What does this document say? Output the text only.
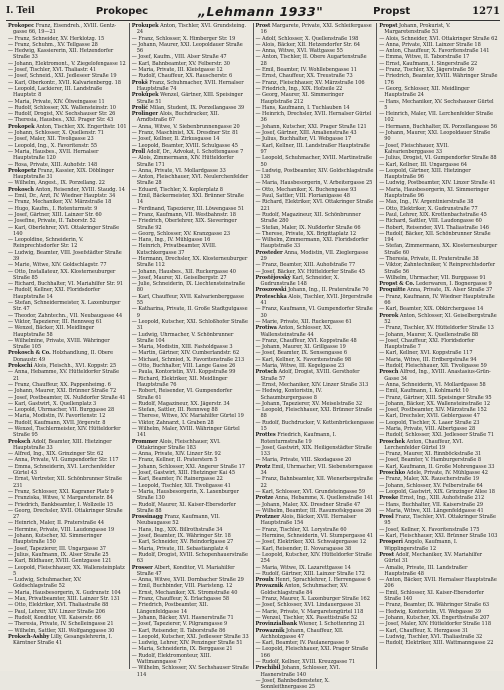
I. Teil	Prokopec	„Lehmann 1933"	Propst	1271
Prokopec Franz, Eisendreh., XVIII. Gentz-gasse 66, 19—21
— Franz, Schneider, XV. Herklotzg. 15
— Franz, Schuhm., XV. Tellgasse 28
— Hedwig, Kassiererin, XII. Hetzendorfer Straße 33
— Johann, Elektromont., V. Ziegelofengasse 12
— Josef, Tischler, XVI. Thaliastr. 41
— Josef, Schneid., XXI. Jedleseer Straße 19
— Karl, Oberkontr., XVII. Kalvarienbergg. 18
— Leopold, Lackierer, III. Landstraße Hauptstr. 8
— Maria, Private, XIV. Ölweingasse 11
— Rudolf, Schlosser, XX. Wallensteinstr. 10
— Rudolf, Drogist, XV. Sechshauser Str. 26
— Theresia, Hausbes., XXI. Prager Str. 43
Prokopek Anton, Tischler, XX. Engerthstr. 101
— Johann, Schlosser, X. Quellenstr. 71
— Josef, Maler, XII. Tivoligasse 23
— Leopold, Ing., X. Favoritenstr. 55
— Maria, Hausbes., XVII. Hernalser Hauptstraße 120
— Rosa, Private, XIII. Auhofstr. 148
Prokopetz Franz, Kassier, XIX. Döblinger Hauptstraße 31
— Wilhelm, Angest., IX. Porzellang. 22
Prokosch Anton, Reisender, XVIII. Staudg. 14
— Emil, Dr., Arzt, IV. Wiedner Hauptstr. 34
— Franz, Mechaniker, XV. Märzstraße 18
— Hugo, Kaufm., I. Rotenturmstr. 9
— Josef, Gärtner, XIII. Lainzer Str. 60
— Josefine, Private, II. Taborstr. 52
— Karl, Oberlehrer, XVI. Ottakringer Straße 140
— Leopoldine, Schneiderin, V. Reinprechtsdorfer Str. 12
— Ludwig, Beamter, VIII. Josefstädter Straße 39
— Marie, Witwe, XIV. Goldschlagstr. 77
— Otto, Installateur, XX. Klosterneuburger Straße 85
— Richard, Buchhalter, VI. Mariahilfer Str. 91
— Rudolf, Kellner, XXI. Floridsdorfer Hauptstraße 14
— Stefan, Schneidermeister, X. Laxenburger Str. 47
— Theodor, Zahntechn., VII. Neubaugasse 44
— Viktor, Tapezierer, III. Rennweg 61
— Wenzel, Bäcker, XII. Meidlinger Hauptstraße 58
— Wilhelmine, Private, XVIII. Währinger Straße 105
Prokosch & Co. Holzhandlung, II. Obere Donaustr. 49
Prokschi Alois, Fleischh., XVI. Koppstr. 25
— Anna, Hebamme, XV. Hütteldorfer Straße 21
— Franz, Chauffeur, XX. Pappenheimg. 6
— Johann, Maurer, XXI. Brünner Straße 72
— Josef, Postbeamter, IX. Nußdorfer Straße 41
— Karl, Gastwirt, X. Quellenplatz 3
— Leopold, Uhrmacher, VII. Burggasse 28
— Maria, Modistin, IV. Favoritenstr. 12
— Rudolf, Kaufmann, XVII. Jörgerstr. 8
— Wenzel, Tischlermeister, XIV. Hütteldorfer Straße 95
Proksch Adolf, Beamter, XIII. Hietzinger Hauptstraße 33
— Alfred, Ing., XIX. Grinzinger Str. 62
— Anna, Private, VI. Gumpendorfer Str. 117
— Emma, Schneiderin, XVI. Lerchenfelder Gürtel 43
— Ernst, Vertreter, XII. Schönbrunner Straße 231
— Franz, Schlosser, XXI. Kagraner Platz 9
— Franziska, Witwe, V. Margaretenstr. 84
— Friedrich, Bankbeamter, I. Wollzeile 15
— Georg, Drechsler, XVII. Ottakringer Straße 27
— Heinrich, Maler, II. Praterstraße 44
— Hermine, Private, VIII. Laudongasse 19
— Johann, Kutscher, XI. Simmeringer Hauptstraße 150
— Josef, Tapezierer, III. Ungargasse 37
— Julius, Kaufmann, IX. Alser Straße 25
— Karl, Bildhauer, XVIII. Gentzgasse 121
— Leopold, Fleischhauer, XX. Wallensteinplatz 5
— Ludwig, Schuhmacher, XV. Goldschlagstraße 52
— Maria, Hausbesorgerin, X. Gudrunstr. 104
— Max, Privatbeamter, XIII. Lainzer Str. 131
— Otto, Elektriker, XVI. Thaliastraße 88
— Paul, Lehrer, XIV. Linzer Straße 206
— Rudolf, Konditor, VII. Kaiserstr. 66
— Theresia, Private, IV. Schelleingasse 21
— Wilhelm, Sattler, XII. Wolfganggasse 30
Proksch-Ashby Lilly, Gesangslehrerin, I. Kärntner Straße 41
Prokupek Anton, Tischler, XVI. Grundsteing. 24
— Franz, Schlosser, X. Himberger Str. 19
— Johann, Maurer, XXI. Leopoldauer Straße 56
— Josef, Kaufm., VIII. Alser Straße 47
— Karl, Bahnbeamter, XV. Felberstr. 30
— Maria, Private, III. Kleistgasse 12
— Rudolf, Chauffeur, XX. Rauscherstr. 6
Prokš Franz, Schuhmacher, XVII. Hernalser Hauptstraße 74
Prokůpek Wenzel, Gärtner, XIII. Speisinger Straße 51
Prolić Milan, Student, IX. Porzellangasse 39
Prolinger Alois, Buchdrucker, XII. Arndtstraße 67
— Anna, Witwe, V. Siebenbrunnengasse 20
— Franz, Maschinist, XX. Dresdner Str. 81
— Josef, Kellner, II. Zirkusgasse 14
— Leopold, Beamter, XVIII. Schulgasse 45
Proll Adolf, Dr., Advokat, I. Schottengasse 7
— Alois, Zimmermann, XIV. Hütteldorfer Straße 171
— Anna, Private, VI. Mollardgasse 33
— Anton, Fleischhauer, XVI. Neulerchenfelder Straße 28
— Eduard, Tischler, X. Keplerplatz 8
— Emil, Bäckermeister, XXI. Brünner Straße 14
— Ferdinand, Tapezierer, III. Löwengasse 51
— Franz, Kaufmann, VII. Westbahnstr. 18
— Friedrich, Oberlehrer, XIX. Sieveringer Straße 92
— Georg, Schlosser, XV. Kranzgasse 23
— Hans, Ing., IV. Mühlgasse 16
— Heinrich, Privatbeamter, XVIII. Kutschkergasse 37
— Hermann, Drechsler, XX. Klosterneuburger Straße 112
— Johann, Hausbes., XII. Ruckergasse 40
— Josef, Maurer, XI. Geiselbergstr. 27
— Julie, Schneiderin, IX. Liechtensteinstraße 80
— Karl, Chauffeur, XVII. Kalvarienberggasse 55
— Katharina, Private, II. Große Stadtgutgasse 9
— Leopold, Kutscher, XXI. Schloßhofer Straße 31
— Ludwig, Uhrmacher, V. Schönbrunner Straße 104
— Maria, Modistin, XIII. Fasholdgasse 3
— Martin, Gärtner, XIV. Cumberlandstr. 62
— Michael, Schmied, X. Favoritenstraße 213
— Otto, Buchhalter, VIII. Lange Gasse 26
— Paula, Kontoristin, XVI. Koppstraße 99
— Richard, Elektriker, XII. Meidlinger Hauptstraße 76
— Robert, Reisender, VI. Gumpendorfer Straße 61
— Rudolf, Magazineur, XX. Jägerstr. 34
— Stefan, Sattler, III. Rennweg 88
— Therese, Witwe, XV. Mariahilfer Gürtel 19
— Viktor, Zahnarzt, I. Graben 28
— Wilhelm, Maler, XVIII. Währinger Gürtel 141
Prommer Alois, Fleischhauer, XVI. Ottakringer Straße 183
— Anna, Private, XIV. Linzer Str. 92
— Franz, Kellner, II. Praterstern 5
— Johann, Schlosser, XXI. Angerer Straße 17
— Josef, Gastwirt, XIII. Hietzinger Kai 45
— Karl, Beamter, IV. Rainergasse 22
— Leopold, Tischler, XII. Tivoligasse 41
— Maria, Hausbesorgerin, X. Laxenburger Straße 130
— Rudolf, Maurer, XI. Kaiser-Ebersdorfer Straße 88
Prossinagg Franz, Kaufmann, VII. Neubaugasse 52
— Hans, Ing., XIX. Billrothstraße 34
— Josef, Beamter, IX. Währinger Str. 18
— Karl, Schneider, XV. Reindorfgasse 27
— Maria, Private, III. Sebastianplatz 4
— Rudolf, Drogist, XVIII. Schopenhauerstraße 63
Prosser Albert, Konditor, VI. Mariahilfer Straße 47
— Anna, Witwe, XVII. Dornbacher Straße 29
— Emil, Buchbinder, VIII. Piaristeng. 12
— Ernst, Mechaniker, XX. Stromstraße 40
— Franz, Chauffeur, X. Erlachgasse 58
— Friedrich, Postbeamter, XII. Längenfeldgasse 14
— Johann, Bäcker, XVI. Hasnerstraße 71
— Josef, Tapezierer, V. Pilgramgasse 9
— Karl, Reisender, II. Taborstraße 86
— Leopold, Kutscher, XXI. Jedleseer Straße 33
— Ludwig, Lehrer, XIV. Penzinger Straße 51
— Maria, Schneiderin, IX. Berggasse 21
— Rudolf, Elektromonteur, XIII. Wattmanngasse 7
— Wilhelm, Schlosser, XV. Sechshauser Straße 114
Prost Margarete, Private, XXI. Schleifergasse 16
— Adolf, Schlosser, X. Quellenstraße 198
— Alois, Bäcker, XII. Hetzendorfer Str. 64
— Anna, Witwe, XVI. Wattgasse 55
— Anton, Tischler, II. Obere Augartenstraße 28
— Emil, Beamter, IV. Wohllebengasse 11
— Ernst, Chauffeur, XX. Treustraße 73
— Franz, Fleischhauer, XV. Märzstraße 106
— Friedrich, Ing., XIX. Hofzeile 22
— Georg, Maurer, XI. Simmeringer Hauptstraße 212
— Hans, Kaufmann, I. Tuchlauben 14
— Heinrich, Drechsler, XVII. Hernalser Gürtel 36
— Johann, Kutscher, XXI. Prager Straße 121
— Josef, Gärtner, XIII. Amalienstraße 43
— Julius, Buchhalter, VI. Webgasse 17
— Karl, Kellner, III. Landstraßer Hauptstraße 97
— Leopold, Schuhmacher, XVIII. Martinstraße 50
— Ludwig, Postbeamter, XIV. Goldschlagstraße 138
— Maria, Hausbesorgerin, V. Arbeitergasse 25
— Otto, Mechaniker, X. Buchengasse 93
— Paul, Sattler, VIII. Florianigasse 48
— Richard, Elektriker, XVI. Ottakringer Straße 221
— Rudolf, Magazineur, XII. Schönbrunner Straße 280
— Stefan, Maler, IX. Nußdorfer Straße 66
— Therese, Private, XX. Brigittaplatz 12
— Wilhelm, Zimmermann, XXI. Floridsdorfer Hauptstraße 33
Prosteder Anna, Modistin, VII. Zieglergasse 29
— Franz, Beamter, XIII. Auhofstraße 77
— Josef, Bäcker, XV. Hütteldorfer Straße 45
Prostějovský Karl, Schneider, X. Gudrunstraße 148
Proszowski Johann, Ing., II. Praterstraße 70
Proteschka Alois, Tischler, XVII. Jörgerstraße 41
— Franz, Kaufmann, VI. Gumpendorfer Straße 30
— Marie, Private, XII. Ruckergasse 61
Protiwa Anton, Schlosser, XX. Wallensteinstraße 44
— Franz, Chauffeur, XVI. Koppstraße 48
— Johann, Maurer, XI. Grillgasse 19
— Josef, Beamter, IX. Sensengasse 6
— Karl, Kellner, X. Favoritenstraße 98
— Maria, Witwe, III. Kegelgasse 23
Protsch Adolf, Drogist, XVIII. Gersthofer Straße 57
— Ernst, Mechaniker, XIV. Linzer Straße 313
— Hedwig, Kontoristin, IV. Schaumburgergasse 8
— Johann, Tapezierer, XV. Meiselstraße 32
— Leopold, Fleischhauer, XXI. Brünner Straße 88
— Rudolf, Buchdrucker, V. Kettenbrückengasse 15
Prottes Friedrich, Kaufmann, I. Rotenturmstraße 19
— Josef, Gastwirt, XIX. Heiligenstädter Straße 133
— Maria, Private, VIII. Skodagasse 20
Protz Emil, Uhrmacher, VII. Siebensterngasse 34
— Franz, Bahnbeamter, XII. Wienerbergstraße 22
— Karl, Schlosser, XVI. Grundsteingasse 59
Protze Anna, Hebamme, X. Quellenstraße 141
— Johann, Maler, XX. Dresdner Straße 47
— Wilhelm, Beamter, III. Rasumofskygasse 26
Protzner Alois, Bäcker, XVII. Hernalser Hauptstraße 154
— Franz, Tischler, XI. Lorystraße 60
— Hermine, Schneiderin, VI. Stumpergasse 41
— Josef, Elektriker, XXI. Schwaigergasse 12
— Karl, Reisender, II. Novaragasse 38
— Leopold, Kutscher, XIV. Hütteldorfer Straße 254
— Maria, Witwe, IX. Lazarettgasse 14
— Rudolf, Gärtner, XIII. Lainzer Straße 172
Proulx Henri, Sprachlehrer, I. Herrengasse 6
Provaznik Anton, Schuhmacher, XV. Goldschlagstraße 84
— Franz, Maurer, X. Laxenburger Straße 162
— Josef, Schlosser, XVI. Lindauergasse 31
— Marie, Private, V. Margaretengürtel 118
— Wenzel, Tischler, XX. Pasettistraße 52
Provinzialbank Wiener, I. Schottenring 21
Prowaznik Johann, Chauffeur, XII. Aichholzgasse 47
— Karl, Beamter, IV. Paulanergasse 9
— Leopold, Fleischhauer, XXI. Prager Straße 166
— Rudolf, Kellner, XVIII. Kreuzgasse 71
Prschibil Johann, Schlosser, XVI. Hasnerstraße 140
— Josef, Bahnbediensteter, X. Sonnleithnergasse 25
Propst Johann, Prokurist, V. Margaretenstraße 53
— Alois, Schneider, XVI. Ottakringer Straße 62
— Anna, Private, XIII. Lainzer Straße 18
— Anton, Chauffeur, X. Favoritenstraße 141
— Emma, Witwe, II. Taborstraße 17
— Ernst, Kaufmann, I. Singerstraße 22
— Franz, Tischler, XX. Jägerstraße 59
— Friedrich, Beamter, XVIII. Währinger Straße 176
— Georg, Schlosser, XII. Meidlinger Hauptstraße 24
— Hans, Mechaniker, XV. Sechshauser Gürtel 5
— Heinrich, Maler, VII. Lerchenfelder Straße 102
— Hermann, Buchhalter, IX. Porzellangasse 56
— Johann, Maurer, XXI. Leopoldauer Straße 90
— Josef, Fleischhauer, XVII. Kalvarienberggasse 33
— Julius, Drogist, VI. Gumpendorfer Straße 88
— Karl, Kellner, III. Ungargasse 64
— Leopold, Gärtner, XIII. Hietzinger Hauptstraße 96
— Ludwig, Postbeamter, XIV. Linzer Straße 41
— Maria, Hausbesorgerin, XI. Simmeringer Hauptstraße 96
— Max, Ing., IV. Argentinierstraße 38
— Otto, Elektriker, X. Gudrunstraße 77
— Paul, Lehrer, XIX. Krottenbachstraße 45
— Richard, Sattler, VIII. Laudongasse 60
— Robert, Reisender, XVI. Thaliastraße 146
— Rudolf, Bäcker, XII. Schönbrunner Straße 194
— Stefan, Zimmermann, XX. Klosterneuburger Straße 60
— Theresia, Private, II. Praterstraße 38
— Viktor, Zahntechniker, V. Reinprechtsdorfer Straße 56
— Wilhelm, Uhrmacher, VII. Burggasse 91
Propst & Co. Lederwaren, I. Bognergasse 9
Proquitte Anna, Private, IX. Alser Straße 37
— Franz, Kaufmann, IV. Wiedner Hauptstraße 66
— Karl, Beamter, XIX. Obkirchergasse 14
Prorok Anton, Schlosser, XI. Geiselbergstraße 52
— Franz, Tischler, XV. Hütteldorfer Straße 13
— Johann, Maurer, X. Quellenstraße 88
— Josef, Chauffeur, XXI. Floridsdorfer Hauptstraße 7
— Karl, Kellner, XVI. Koppstraße 117
— Maria, Witwe, III. Erdbergstraße 94
— Rudolf, Fleischhauer, XII. Tivoligasse 59
Prosch Alfred, Ing., XVIII. Anastasius-Grün-Gasse 34
— Anna, Schneiderin, VI. Mollardgasse 58
— Emil, Kaufmann, I. Kohlmarkt 10
— Franz, Gärtner, XIII. Speisinger Straße 95
— Johann, Bäcker, XX. Wallensteinstraße 12
— Josef, Postbeamter, XIV. Märzstraße 152
— Karl, Drechsler, XVII. Geblergasse 47
— Leopold, Tischler, X. Laaer Straße 23
— Maria, Private, VIII. Albertgasse 28
— Rudolf, Schlosser, XXI. Jedleseer Straße 71
Proschek Anton, Chauffeur, XVI. Lerchenfelder Gürtel 19
— Franz, Maurer, XI. Rinnböckstraße 31
— Josef, Beamter, V. Hamburgerstraße 8
— Karl, Kaufmann, II. Große Mohrengasse 33
Proschko Adele, Private, IV. Mühlgasse 42
— Franz, Maler, XX. Rauscherstraße 19
— Johann, Schlosser, XV. Felberstraße 64
— Leopold, Gastwirt, XIX. Grinzinger Allee 18
Proske Ernst, Ing., XIII. Auhofstraße 212
— Hans, Buchhalter, VII. Kaiserstraße 29
— Maria, Witwe, XII. Längenfeldgasse 41
Prosl Franz, Tischler, XVI. Ottakringer Straße 95
— Josef, Kellner, X. Favoritenstraße 175
— Karl, Fleischhauer, XXI. Brünner Straße 103
Prosperi Angelo, Kaufmann, I. Wipplingerstraße 12
Prost Adolf, Mechaniker, XV. Mariahilfer Gürtel 31
— Amalie, Private, III. Landstraßer Hauptstraße 48
— Anton, Bäcker, XVII. Hernalser Hauptstraße 206
— Emil, Schlosser, XI. Kaiser-Ebersdorfer Straße 140
— Franz, Beamter, IX. Währinger Straße 63
— Hedwig, Kontoristin, VI. Webgasse 39
— Johann, Kutscher, XX. Engerthstraße 207
— Josef, Maler, XIV. Hütteldorfer Straße 118
— Karl, Chauffeur, X. Herzgasse 31
— Ludwig, Tischler, XVI. Thaliastraße 32
— Rudolf, Elektriker, XIII. Wattmanngasse 22
